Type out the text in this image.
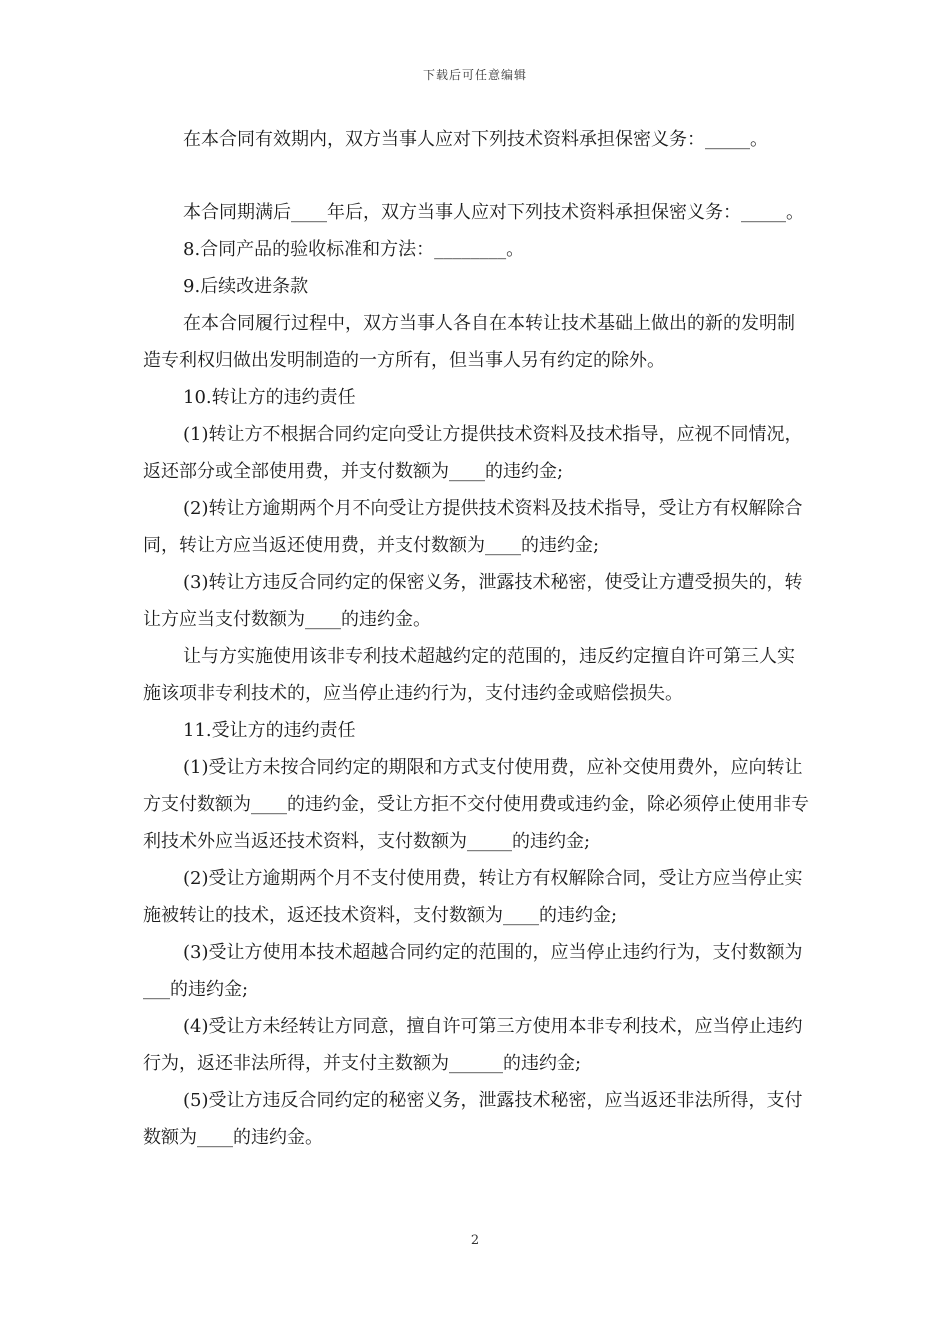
下载后可任意编辑

在本合同有效期内，双方当事人应对下列技术资料承担保密义务：_____。

本合同期满后____年后，双方当事人应对下列技术资料承担保密义务：_____。

8.合同产品的验收标准和方法：________。

9.后续改进条款

在本合同履行过程中，双方当事人各自在本转让技术基础上做出的新的发明制造专利权归做出发明制造的一方所有，但当事人另有约定的除外。

10.转让方的违约责任

(1)转让方不根据合同约定向受让方提供技术资料及技术指导，应视不同情况，返还部分或全部使用费，并支付数额为____的违约金;

(2)转让方逾期两个月不向受让方提供技术资料及技术指导，受让方有权解除合同，转让方应当返还使用费，并支付数额为____的违约金;

(3)转让方违反合同约定的保密义务，泄露技术秘密，使受让方遭受损失的，转让方应当支付数额为____的违约金。

让与方实施使用该非专利技术超越约定的范围的，违反约定擅自许可第三人实施该项非专利技术的，应当停止违约行为，支付违约金或赔偿损失。

11.受让方的违约责任

(1)受让方未按合同约定的期限和方式支付使用费，应补交使用费外，应向转让方支付数额为____的违约金，受让方拒不交付使用费或违约金，除必须停止使用非专利技术外应当返还技术资料，支付数额为_____的违约金;

(2)受让方逾期两个月不支付使用费，转让方有权解除合同，受让方应当停止实施被转让的技术，返还技术资料，支付数额为____的违约金;

(3)受让方使用本技术超越合同约定的范围的，应当停止违约行为，支付数额为___的违约金;

(4)受让方未经转让方同意，擅自许可第三方使用本非专利技术，应当停止违约行为，返还非法所得，并支付主数额为______的违约金;

(5)受让方违反合同约定的秘密义务，泄露技术秘密，应当返还非法所得，支付数额为____的违约金。

2
